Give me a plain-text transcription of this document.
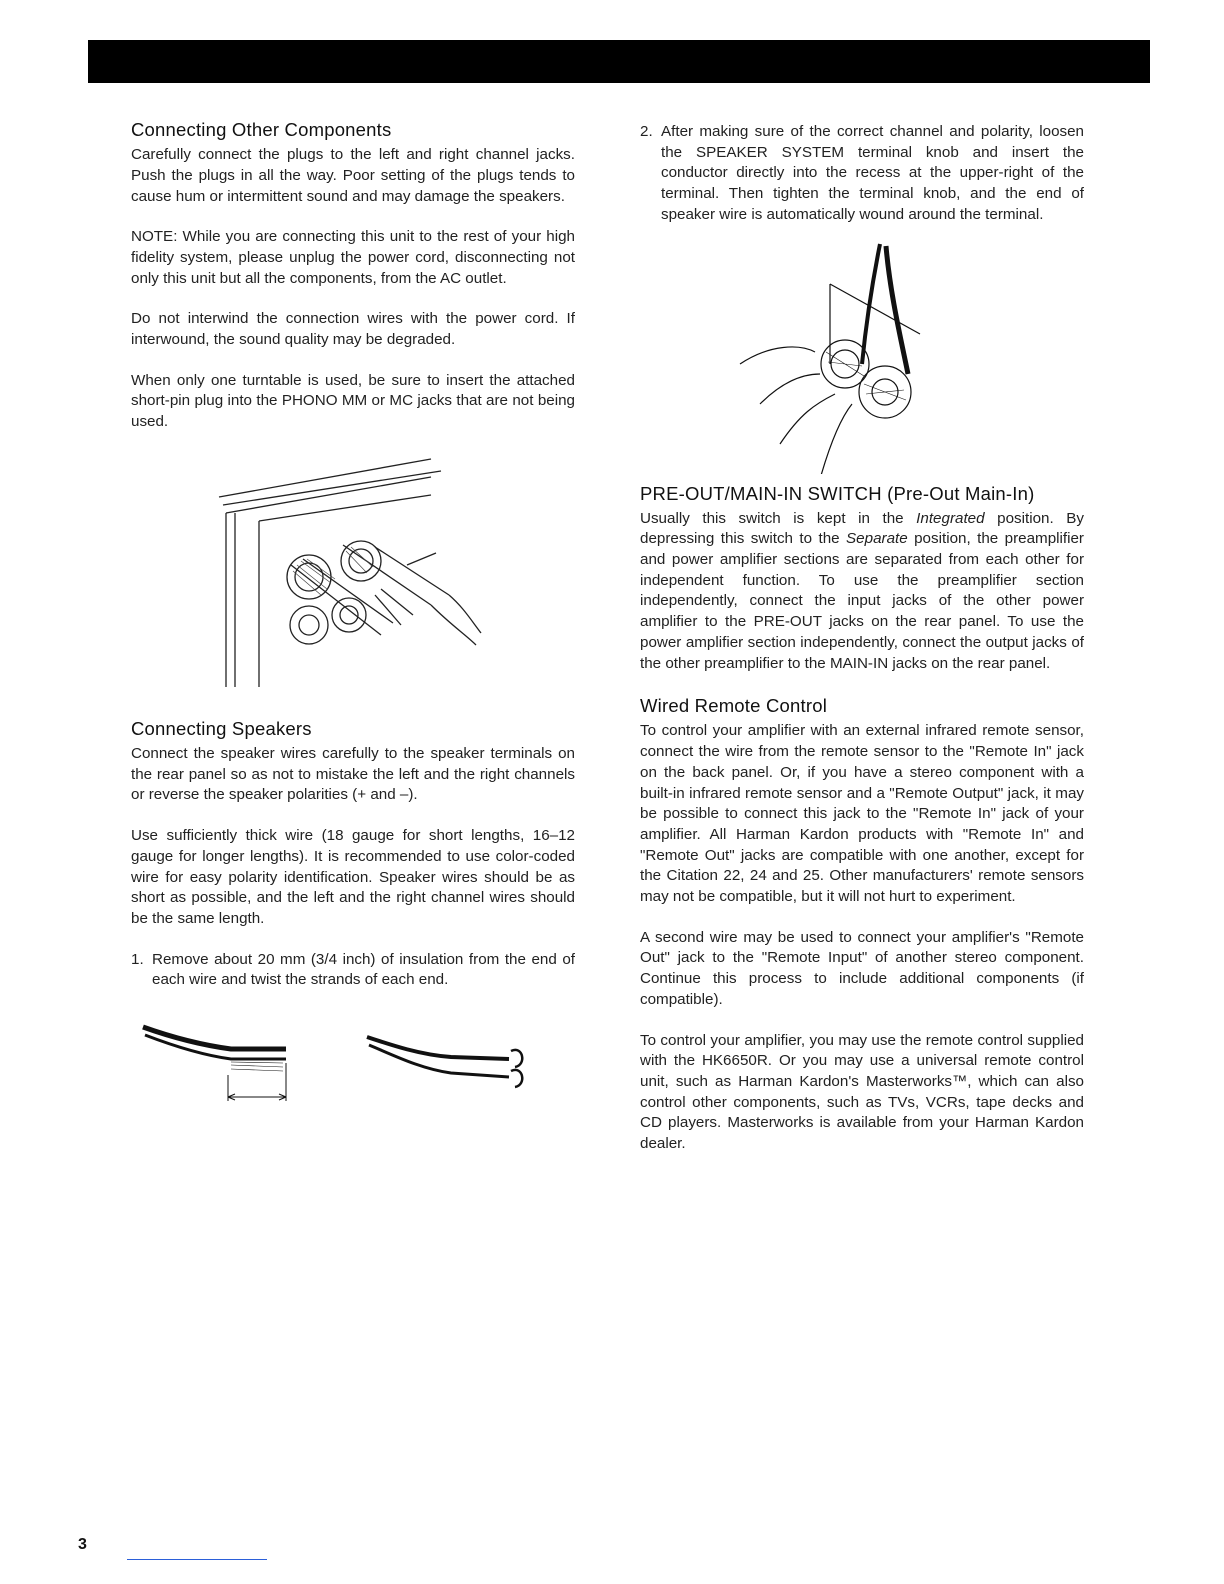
Connecting Other Components

Carefully connect the plugs to the left and right channel jacks. Push the plugs in all the way. Poor setting of the plugs tends to cause hum or intermittent sound and may damage the speakers.

NOTE: While you are connecting this unit to the rest of your high fidelity system, please unplug the power cord, disconnecting not only this unit but all the components, from the AC outlet.

Do not interwind the connection wires with the power cord. If interwound, the sound quality may be degraded.

When only one turntable is used, be sure to insert the attached short-pin plug into the PHONO MM or MC jacks that are not being used.

Connecting Speakers

Connect the speaker wires carefully to the speaker terminals on the rear panel so as not to mistake the left and the right channels or reverse the speaker polarities (+ and –).

Use sufficiently thick wire (18 gauge for short lengths, 16–12 gauge for longer lengths). It is recommended to use color-coded wire for easy polarity identification. Speaker wires should be as short as possible, and the left and the right channel wires should be the same length.

1. Remove about 20 mm (3/4 inch) of insulation from the end of each wire and twist the strands of each end.
2. After making sure of the correct channel and polarity, loosen the SPEAKER SYSTEM terminal knob and insert the conductor directly into the recess at the upper-right of the terminal. Then tighten the terminal knob, and the end of speaker wire is automatically wound around the terminal.
PRE-OUT/MAIN-IN SWITCH (Pre-Out Main-In)

Usually this switch is kept in the Integrated position. By depressing this switch to the Separate position, the preamplifier and power amplifier sections are separated from each other for independent function. To use the preamplifier section independently, connect the input jacks of the other power amplifier to the PRE-OUT jacks on the rear panel. To use the power amplifier section independently, connect the output jacks of the other preamplifier to the MAIN-IN jacks on the rear panel.

Wired Remote Control

To control your amplifier with an external infrared remote sensor, connect the wire from the remote sensor to the "Remote In" jack on the back panel. Or, if you have a stereo component with a built-in infrared remote sensor and a "Remote Output" jack, it may be possible to connect this jack to the "Remote In" jack of your amplifier. All Harman Kardon products with "Remote In" and "Remote Out" jacks are compatible with one another, except for the Citation 22, 24 and 25. Other manufacturers' remote sensors may not be compatible, but it will not hurt to experiment.

A second wire may be used to connect your amplifier's "Remote Out" jack to the "Remote Input" of another stereo component. Continue this process to include additional components (if compatible).

To control your amplifier, you may use the remote control supplied with the HK6650R. Or you may use a universal remote control unit, such as Harman Kardon's Masterworks™, which can also control other components, such as TVs, VCRs, tape decks and CD players. Masterworks is available from your Harman Kardon dealer.

3
